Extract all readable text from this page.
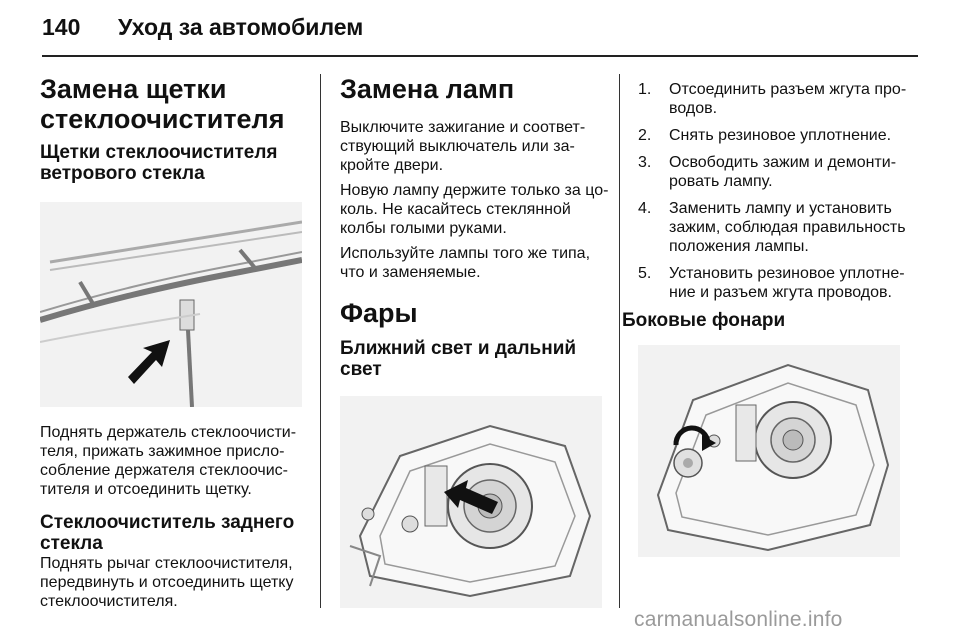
140 Уход за автомобилем
Замена щетки
стеклоочистителя
Щетки стеклоочистителя
ветрового стекла
Поднять держатель стеклоочисти-
теля, прижать зажимное присло-
собление держателя стеклоочис-
тителя и отсоединить щетку.
Стеклоочиститель заднего
стекла
Поднять рычаг стеклоочистителя,
передвинуть и отсоединить щетку
стеклоочистителя.
Замена ламп
Выключите зажигание и соответ-
ствующий выключатель или за-
кройте двери.
Новую лампу держите только за цо-
коль. Не касайтесь стеклянной
колбы голыми руками.
Используйте лампы того же типа,
что и заменяемые.
Фары
Ближний свет и дальний свет
1. Отсоединить разъем жгута про-
водов.
2. Снять резиновое уплотнение.
3. Освободить зажим и демонти-
ровать лампу.
4. Заменить лампу и установить
зажим, соблюдая правильность
положения лампы.
5. Установить резиновое уплотне-
ние и разъем жгута проводов.
Боковые фонари
carmanualsonline.info
